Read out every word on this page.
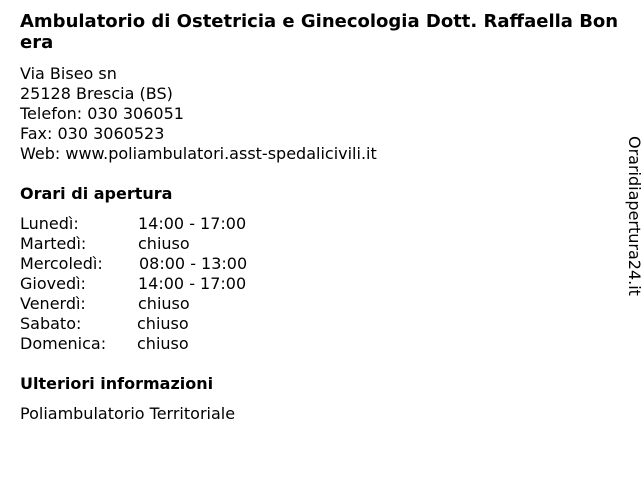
Ambulatorio di Ostetricia e Ginecologia Dott. Raffaella Bonera
Via Biseo sn
25128 Brescia (BS)
Telefon: 030 306051
Fax: 030 3060523
Web: www.poliambulatori.asst-spedalicivili.it
Orari di apertura
Lunedì:	14:00 - 17:00
Martedì:	chiuso
Mercoledì: 08:00 - 13:00
Giovedì:	14:00 - 17:00
Venerdì:	chiuso
Sabato:	chiuso
Domenica: chiuso
Ulteriori informazioni
Poliambulatorio Territoriale
Oraridiapertura24.it
